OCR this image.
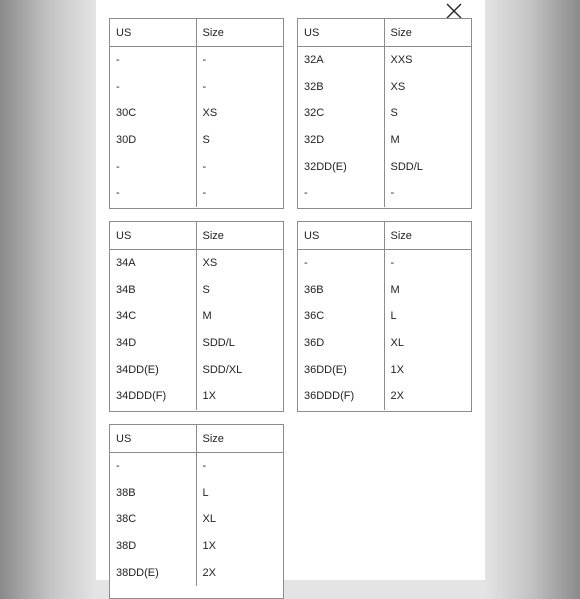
US	Size
-	-
-	-
30C	XS
30D	S
-	-
-	-
US	Size
32A	XXS
32B	XS
32C	S
32D	M
32DD(E)	SDD/L
-	-
US	Size
34A	XS
34B	S
34C	M
34D	SDD/L
34DD(E)	SDD/XL
34DDD(F)	1X
US	Size
-	-
36B	M
36C	L
36D	XL
36DD(E)	1X
36DDD(F)	2X
US	Size
-	-
38B	L
38C	XL
38D	1X
38DD(E)	2X
